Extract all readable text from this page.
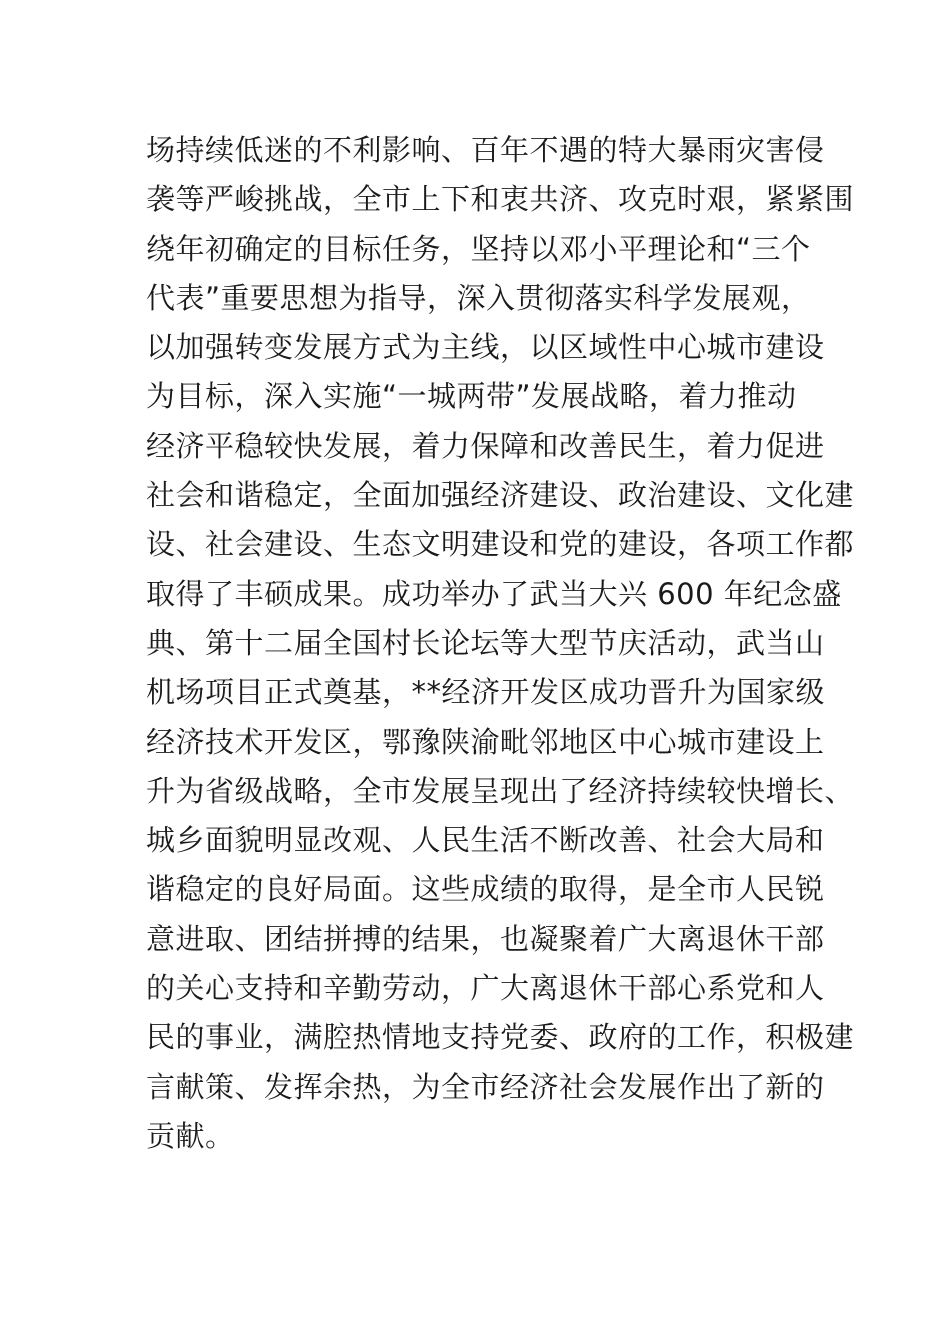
场持续低迷的不利影响、百年不遇的特大暴雨灾害侵
袭等严峻挑战，全市上下和衷共济、攻克时艰，紧紧围
绕年初确定的目标任务，坚持以邓小平理论和“三个
代表”重要思想为指导，深入贯彻落实科学发展观，
以加强转变发展方式为主线，以区域性中心城市建设
为目标，深入实施“一城两带”发展战略，着力推动
经济平稳较快发展，着力保障和改善民生，着力促进
社会和谐稳定，全面加强经济建设、政治建设、文化建
设、社会建设、生态文明建设和党的建设，各项工作都
取得了丰硕成果。成功举办了武当大兴 600 年纪念盛
典、第十二届全国村长论坛等大型节庆活动，武当山
机场项目正式奠基，**经济开发区成功晋升为国家级
经济技术开发区，鄂豫陕渝毗邻地区中心城市建设上
升为省级战略，全市发展呈现出了经济持续较快增长、
城乡面貌明显改观、人民生活不断改善、社会大局和
谐稳定的良好局面。这些成绩的取得，是全市人民锐
意进取、团结拼搏的结果，也凝聚着广大离退休干部
的关心支持和辛勤劳动，广大离退休干部心系党和人
民的事业，满腔热情地支持党委、政府的工作，积极建
言献策、发挥余热，为全市经济社会发展作出了新的
贡献。
